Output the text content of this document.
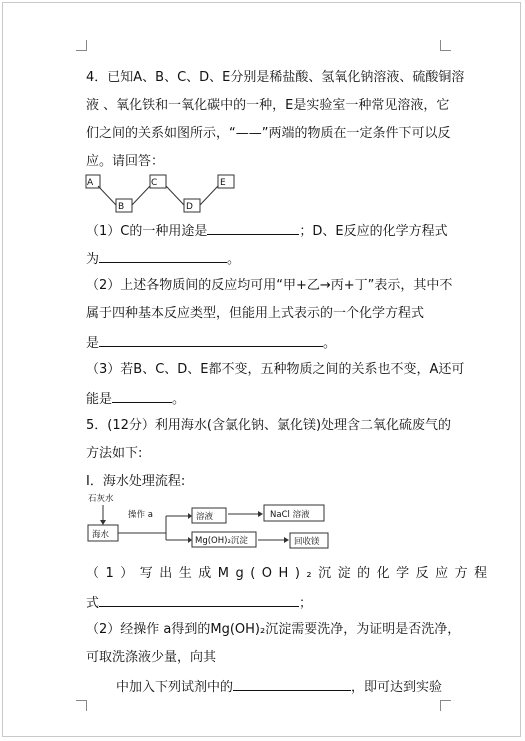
4．已知A、B、C、D、E分别是稀盐酸、氢氧化钠溶液、硫酸铜溶
液 、氧化铁和一氧化碳中的一种，E是实验室一种常见溶液，它
们之间的关系如图所示，“——”两端的物质在一定条件下可以反
应。请回答：
A
B
C
D
E
（1）C的一种用途是	；D、E反应的化学方程式
为	。
（2）上述各物质间的反应均可用“甲+乙→丙+丁”表示，其中不
属于四种基本反应类型，但能用上式表示的一个化学方程式
是	。
（3）若B、C、D、E都不变，五种物质之间的关系也不变，A还可
能是	。
5．(12分）利用海水(含氯化钠、氯化镁)处理含二氧化硫废气的
方法如下:
Ⅰ．海水处理流程:
石灰水
操作 a
海水
溶液	NaCl 溶液
Mg(OH)₂沉淀	回收镁
（1）写出生成Mg(OH)₂沉淀的化学反应方程
式	；
（2）经操作 a得到的Mg(OH)₂沉淀需要洗净，为证明是否洗净，
可取洗涤液少量，向其
中加入下列试剂中的	，即可达到实验
